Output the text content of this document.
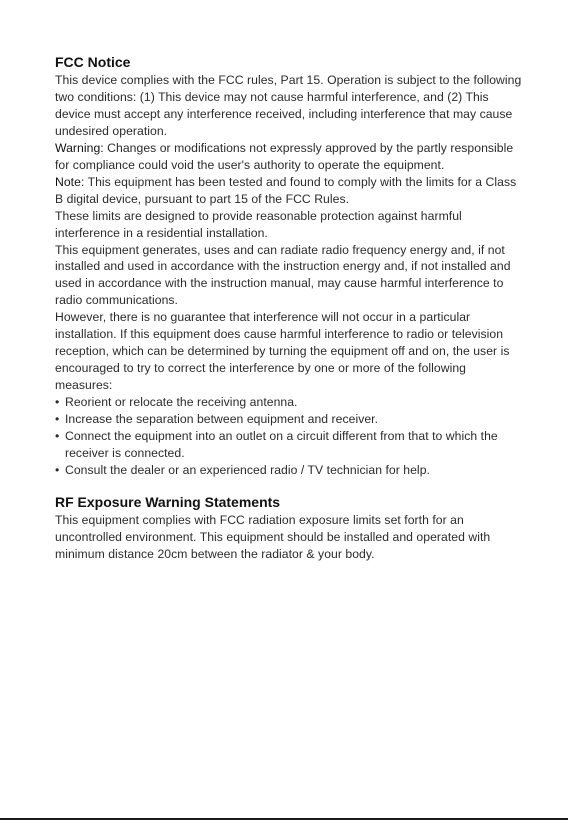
FCC Notice
This device complies with the FCC rules, Part 15. Operation is subject to the following two conditions: (1) This device may not cause harmful interference, and (2) This device must accept any interference received, including interference that may cause undesired operation.
Warning: Changes or modifications not expressly approved by the partly responsible for compliance could void the user's authority to operate the equipment.
Note: This equipment has been tested and found to comply with the limits for a Class B digital device, pursuant to part 15 of the FCC Rules.
These limits are designed to provide reasonable protection against harmful interference in a residential installation.
This equipment generates, uses and can radiate radio frequency energy and, if not installed and used in accordance with the instruction energy and, if not installed and used in accordance with the instruction manual, may cause harmful interference to radio communications.
However, there is no guarantee that interference will not occur in a particular installation. If this equipment does cause harmful interference to radio or television reception, which can be determined by turning the equipment off and on, the user is encouraged to try to correct the interference by one or more of the following measures:
• Reorient or relocate the receiving antenna.
• Increase the separation between equipment and receiver.
• Connect the equipment into an outlet on a circuit different from that to which the receiver is connected.
• Consult the dealer or an experienced radio / TV technician for help.
RF Exposure Warning Statements
This equipment complies with FCC radiation exposure limits set forth for an uncontrolled environment. This equipment should be installed and operated with minimum distance 20cm between the radiator & your body.
